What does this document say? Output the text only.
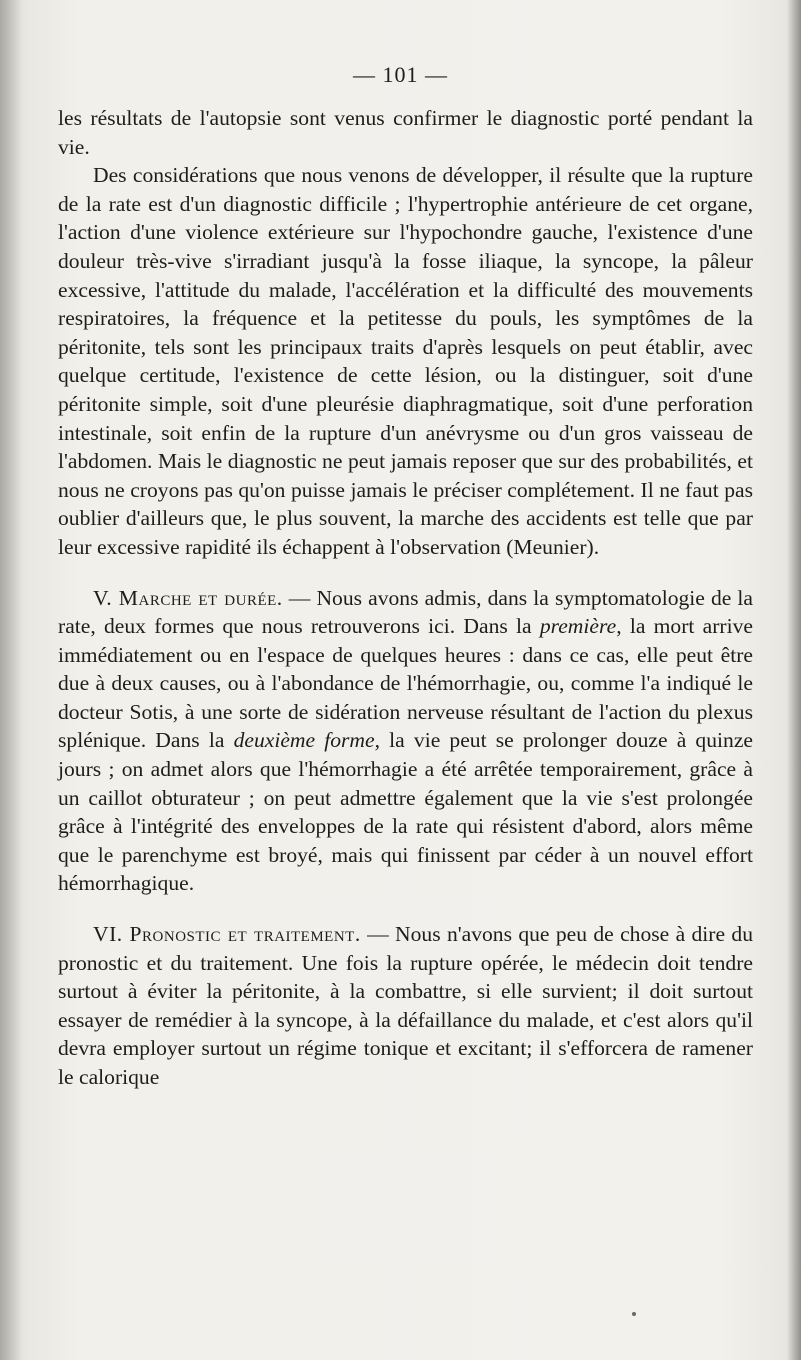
— 101 —

les résultats de l'autopsie sont venus confirmer le diagnostic porté pendant la vie.

Des considérations que nous venons de développer, il résulte que la rupture de la rate est d'un diagnostic difficile ; l'hypertrophie antérieure de cet organe, l'action d'une violence extérieure sur l'hypochondre gauche, l'existence d'une douleur très-vive s'irradiant jusqu'à la fosse iliaque, la syncope, la pâleur excessive, l'attitude du malade, l'accélération et la difficulté des mouvements respiratoires, la fréquence et la petitesse du pouls, les symptômes de la péritonite, tels sont les principaux traits d'après lesquels on peut établir, avec quelque certitude, l'existence de cette lésion, ou la distinguer, soit d'une péritonite simple, soit d'une pleurésie diaphragmatique, soit d'une perforation intestinale, soit enfin de la rupture d'un anévrysme ou d'un gros vaisseau de l'abdomen. Mais le diagnostic ne peut jamais reposer que sur des probabilités, et nous ne croyons pas qu'on puisse jamais le préciser complétement. Il ne faut pas oublier d'ailleurs que, le plus souvent, la marche des accidents est telle que par leur excessive rapidité ils échappent à l'observation (Meunier).

V. Marche et durée. — Nous avons admis, dans la symptomatologie de la rate, deux formes que nous retrouverons ici. Dans la première, la mort arrive immédiatement ou en l'espace de quelques heures : dans ce cas, elle peut être due à deux causes, ou à l'abondance de l'hémorrhagie, ou, comme l'a indiqué le docteur Sotis, à une sorte de sidération nerveuse résultant de l'action du plexus splénique. Dans la deuxième forme, la vie peut se prolonger douze à quinze jours ; on admet alors que l'hémorrhagie a été arrêtée temporairement, grâce à un caillot obturateur ; on peut admettre également que la vie s'est prolongée grâce à l'intégrité des enveloppes de la rate qui résistent d'abord, alors même que le parenchyme est broyé, mais qui finissent par céder à un nouvel effort hémorrhagique.

VI. Pronostic et traitement. — Nous n'avons que peu de chose à dire du pronostic et du traitement. Une fois la rupture opérée, le médecin doit tendre surtout à éviter la péritonite, à la combattre, si elle survient; il doit surtout essayer de remédier à la syncope, à la défaillance du malade, et c'est alors qu'il devra employer surtout un régime tonique et excitant; il s'efforcera de ramener le calorique
